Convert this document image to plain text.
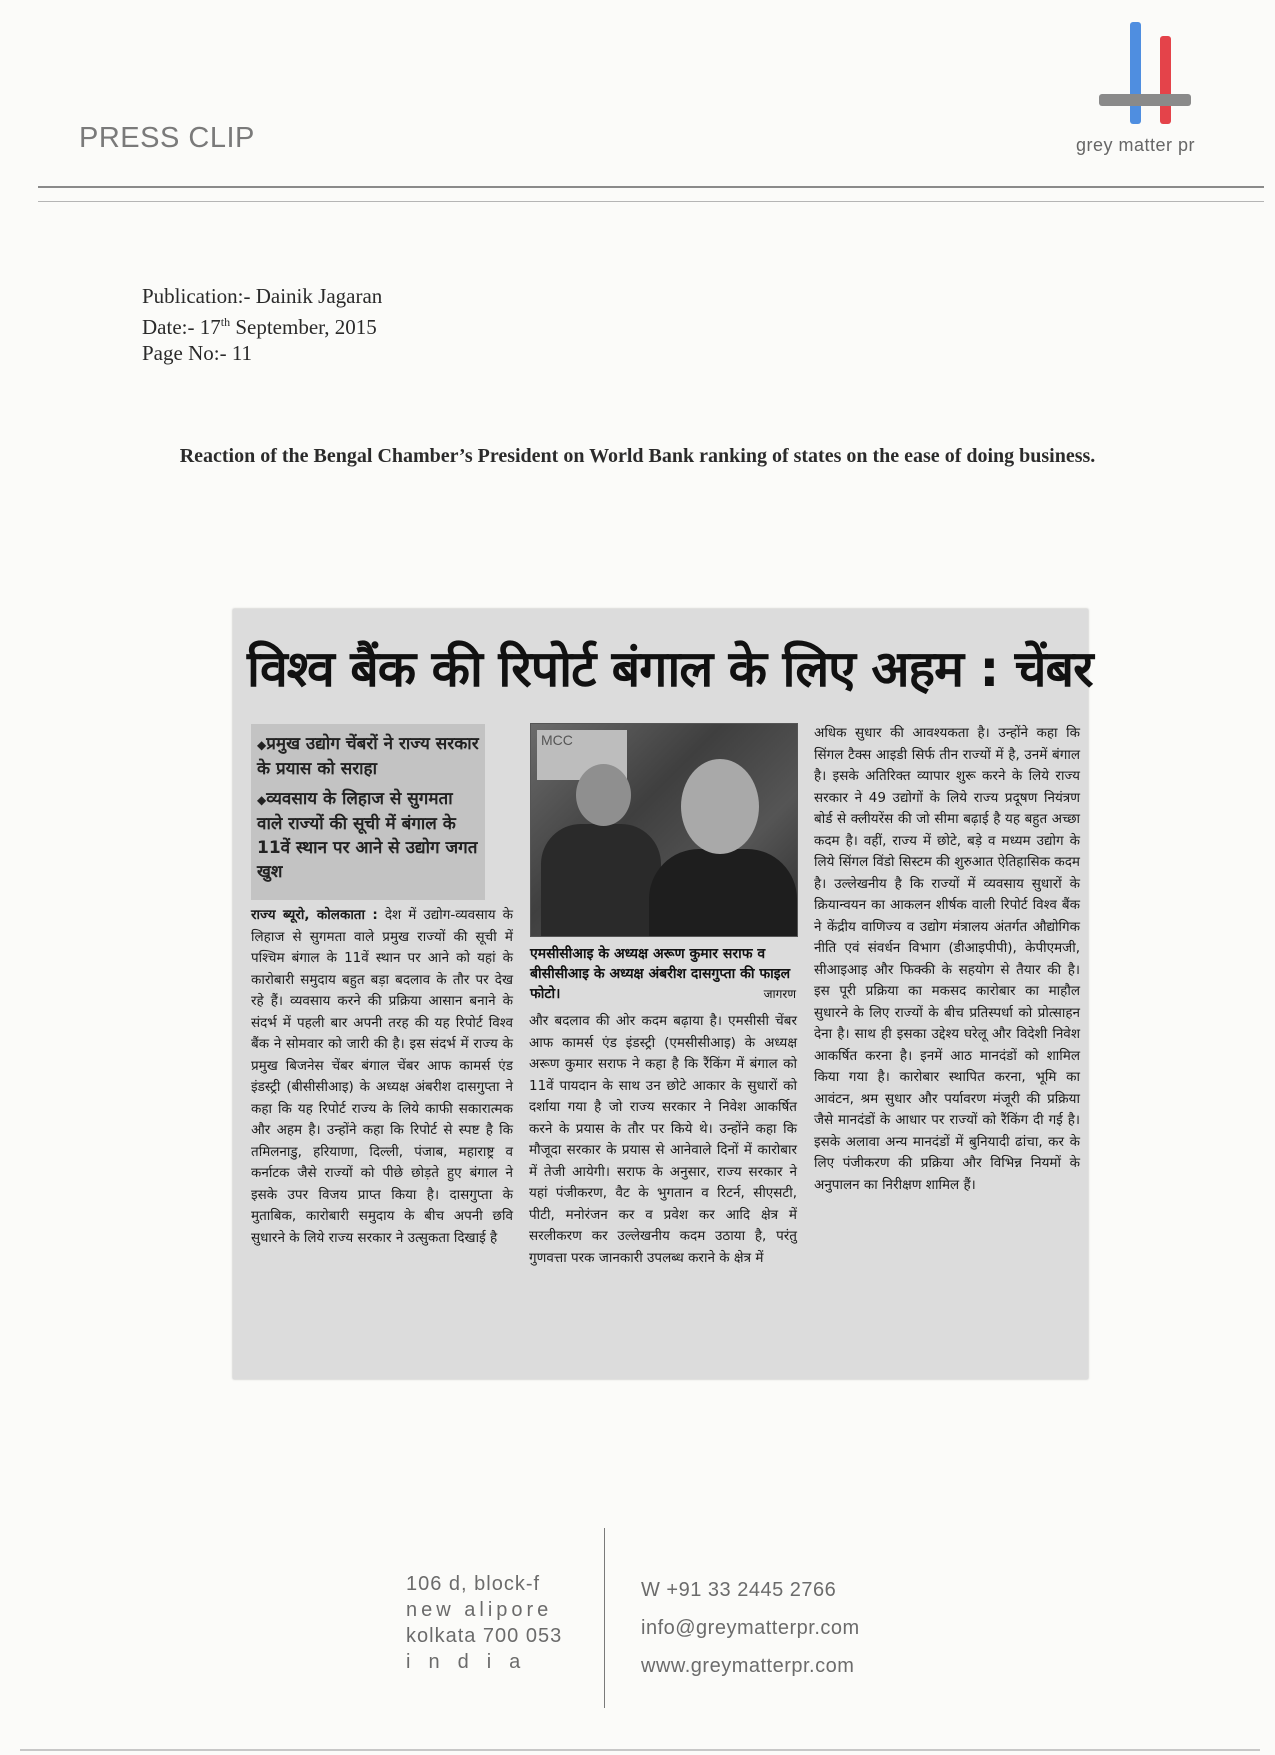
PRESS CLIP	grey matter pr
Publication:- Dainik Jagaran
Date:- 17th September, 2015
Page No:- 11
Reaction of the Bengal Chamber’s President on World Bank ranking of states on the ease of doing business.
विश्व बैंक की रिपोर्ट बंगाल के लिए अहम : चेंबर
◆ प्रमुख उद्योग चेंबरों ने राज्य सरकार के प्रयास को सराहा
◆ व्यवसाय के लिहाज से सुगमता वाले राज्यों की सूची में बंगाल के 11वें स्थान पर आने से उद्योग जगत खुश
राज्य ब्यूरो, कोलकाता : देश में उद्योग-व्यवसाय के लिहाज से सुगमता वाले प्रमुख राज्यों की सूची में पश्चिम बंगाल के 11वें स्थान पर आने को यहां के कारोबारी समुदाय बहुत बड़ा बदलाव के तौर पर देख रहे हैं। व्यवसाय करने की प्रक्रिया आसान बनाने के संदर्भ में पहली बार अपनी तरह की यह रिपोर्ट विश्व बैंक ने सोमवार को जारी की है। इस संदर्भ में राज्य के प्रमुख बिजनेस चेंबर बंगाल चेंबर आफ कामर्स एंड इंडस्ट्री (बीसीसीआइ) के अध्यक्ष अंबरीश दासगुप्ता ने कहा कि यह रिपोर्ट राज्य के लिये काफी सकारात्मक और अहम है। उन्होंने कहा कि रिपोर्ट से स्पष्ट है कि तमिलनाडु, हरियाणा, दिल्ली, पंजाब, महाराष्ट्र व कर्नाटक जैसे राज्यों को पीछे छोड़ते हुए बंगाल ने इसके उपर विजय प्राप्त किया है। दासगुप्ता के मुताबिक, कारोबारी समुदाय के बीच अपनी छवि सुधारने के लिये राज्य सरकार ने उत्सुकता दिखाई है
MCC
एमसीसीआइ के अध्यक्ष अरूण कुमार सराफ व बीसीसीआइ के अध्यक्ष अंबरीश दासगुप्ता की फाइल फोटो।	जागरण
और बदलाव की ओर कदम बढ़ाया है। एमसीसी चेंबर आफ कामर्स एंड इंडस्ट्री (एमसीसीआइ) के अध्यक्ष अरूण कुमार सराफ ने कहा है कि रैंकिंग में बंगाल को 11वें पायदान के साथ उन छोटे आकार के सुधारों को दर्शाया गया है जो राज्य सरकार ने निवेश आकर्षित करने के प्रयास के तौर पर किये थे। उन्होंने कहा कि मौजूदा सरकार के प्रयास से आनेवाले दिनों में कारोबार में तेजी आयेगी। सराफ के अनुसार, राज्य सरकार ने यहां पंजीकरण, वैट के भुगतान व रिटर्न, सीएसटी, पीटी, मनोरंजन कर व प्रवेश कर आदि क्षेत्र में सरलीकरण कर उल्लेखनीय कदम उठाया है, परंतु गुणवत्ता परक जानकारी उपलब्ध कराने के क्षेत्र में
अधिक सुधार की आवश्यकता है। उन्होंने कहा कि सिंगल टैक्स आइडी सिर्फ तीन राज्यों में है, उनमें बंगाल है। इसके अतिरिक्त व्यापार शुरू करने के लिये राज्य सरकार ने 49 उद्योगों के लिये राज्य प्रदूषण नियंत्रण बोर्ड से क्लीयरेंस की जो सीमा बढ़ाई है यह बहुत अच्छा कदम है। वहीं, राज्य में छोटे, बड़े व मध्यम उद्योग के लिये सिंगल विंडो सिस्टम की शुरुआत ऐतिहासिक कदम है। उल्लेखनीय है कि राज्यों में व्यवसाय सुधारों के क्रियान्वयन का आकलन शीर्षक वाली रिपोर्ट विश्व बैंक ने केंद्रीय वाणिज्य व उद्योग मंत्रालय अंतर्गत औद्योगिक नीति एवं संवर्धन विभाग (डीआइपीपी), केपीएमजी, सीआइआइ और फिक्की के सहयोग से तैयार की है। इस पूरी प्रक्रिया का मकसद कारोबार का माहौल सुधारने के लिए राज्यों के बीच प्रतिस्पर्धा को प्रोत्साहन देना है। साथ ही इसका उद्देश्य घरेलू और विदेशी निवेश आकर्षित करना है। इनमें आठ मानदंडों को शामिल किया गया है। कारोबार स्थापित करना, भूमि का आवंटन, श्रम सुधार और पर्यावरण मंजूरी की प्रक्रिया जैसे मानदंडों के आधार पर राज्यों को रैंकिंग दी गई है। इसके अलावा अन्य मानदंडों में बुनियादी ढांचा, कर के लिए पंजीकरण की प्रक्रिया और विभिन्न नियमों के अनुपालन का निरीक्षण शामिल हैं।
106 d, block-f
new alipore
kolkata 700 053
india
W +91 33 2445 2766
info@greymatterpr.com
www.greymatterpr.com
